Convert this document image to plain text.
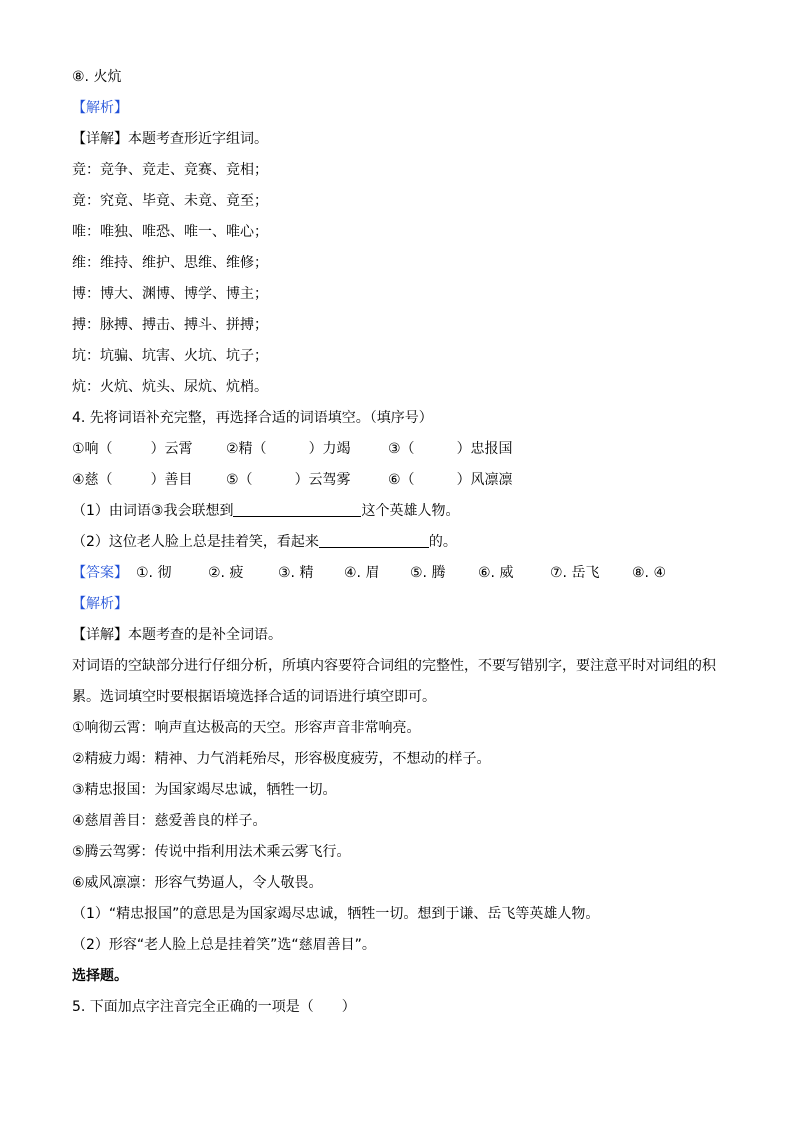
⑧. 火炕
【解析】
【详解】本题考查形近字组词。
竞：竞争、竞走、竞赛、竞相；
竟：究竟、毕竟、未竟、竟至；
唯：唯独、唯恐、唯一、唯心；
维：维持、维护、思维、维修；
博：博大、渊博、博学、博主；
搏：脉搏、搏击、搏斗、拼搏；
坑：坑骗、坑害、火坑、坑子；
炕：火炕、炕头、尿炕、炕梢。
4. 先将词语补充完整，再选择合适的词语填空。（填序号）
①响（	）云霄 ②精（	）力竭	③（	）忠报国
④慈（	）善目 ⑤（	）云驾雾	⑥（	）风凛凛
（1）由词语③我会联想到	这个英雄人物。
（2）这位老人脸上总是挂着笑，看起来	的。
【答案】 ①. 彻	②. 疲 ③. 精 ④. 眉 ⑤. 腾 ⑥. 威	⑦. 岳飞 ⑧. ④
【解析】
【详解】本题考查的是补全词语。
对词语的空缺部分进行仔细分析，所填内容要符合词组的完整性，不要写错别字，要注意平时对词组的积
累。选词填空时要根据语境选择合适的词语进行填空即可。
①响彻云霄：响声直达极高的天空。形容声音非常响亮。
②精疲力竭：精神、力气消耗殆尽，形容极度疲劳，不想动的样子。
③精忠报国：为国家竭尽忠诚，牺牲一切。
④慈眉善目：慈爱善良的样子。
⑤腾云驾雾：传说中指利用法术乘云雾飞行。
⑥威风凛凛：形容气势逼人，令人敬畏。
（1）“精忠报国”的意思是为国家竭尽忠诚，牺牲一切。想到于谦、岳飞等英雄人物。
（2）形容“老人脸上总是挂着笑”选“慈眉善目”。
选择题。
5. 下面加点字注音完全正确的一项是（　　）
